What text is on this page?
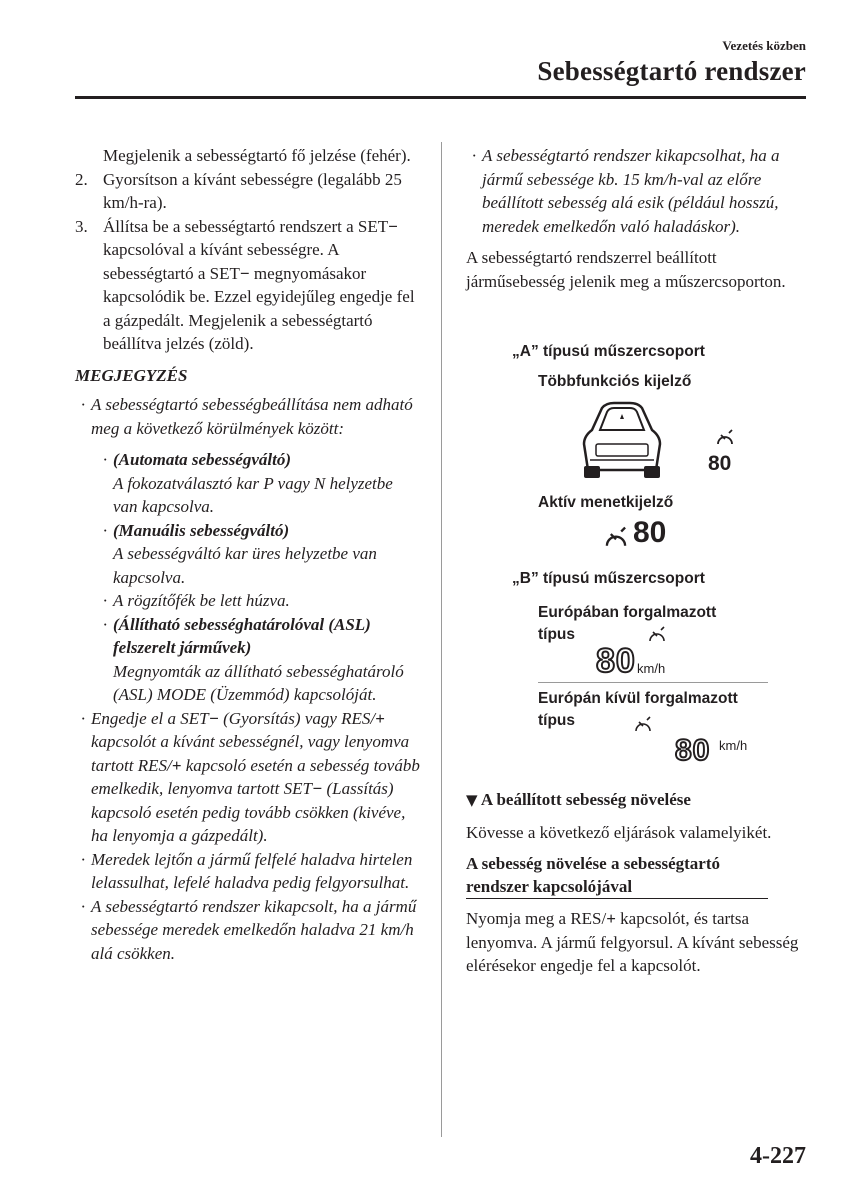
Vezetés közben
Sebességtartó rendszer

Megjelenik a sebességtartó fő jelzése (fehér).

2. Gyorsítson a kívánt sebességre (legalább 25 km/h-ra).
3. Állítsa be a sebességtartó rendszert a SET− kapcsolóval a kívánt sebességre. A sebességtartó a SET− megnyomásakor kapcsolódik be. Ezzel egyidejűleg engedje fel a gázpedált. Megjelenik a sebességtartó beállítva jelzés (zöld).

MEGJEGYZÉS

· A sebességtartó sebességbeállítása nem adható meg a következő körülmények között:
· (Automata sebességváltó)
A fokozatválasztó kar P vagy N helyzetbe van kapcsolva.
· (Manuális sebességváltó)
A sebességváltó kar üres helyzetbe van kapcsolva.
· A rögzítőfék be lett húzva.
· (Állítható sebességhatárolóval (ASL) felszerelt járművek)
Megnyomták az állítható sebességhatároló (ASL) MODE (Üzemmód) kapcsolóját.
· Engedje el a SET− (Gyorsítás) vagy RES/+ kapcsolót a kívánt sebességnél, vagy lenyomva tartott RES/+ kapcsoló esetén a sebesség tovább emelkedik, lenyomva tartott SET− (Lassítás) kapcsoló esetén pedig tovább csökken (kivéve, ha lenyomja a gázpedált).
· Meredek lejtőn a jármű felfelé haladva hirtelen lelassulhat, lefelé haladva pedig felgyorsulhat.
· A sebességtartó rendszer kikapcsolt, ha a jármű sebessége meredek emelkedőn haladva 21 km/h alá csökken.
· A sebességtartó rendszer kikapcsolhat, ha a jármű sebessége kb. 15 km/h-val az előre beállított sebesség alá esik (például hosszú, meredek emelkedőn való haladáskor).

A sebességtartó rendszerrel beállított járműsebesség jelenik meg a műszercsoporton.

„A” típusú műszercsoport
Többfunkciós kijelző
80
Aktív menetkijelző
80
„B” típusú műszercsoport
Európában forgalmazott típus
80 km/h
Európán kívül forgalmazott típus
80 km/h

▼ A beállított sebesség növelése

Kövesse a következő eljárások valamelyikét.

A sebesség növelése a sebességtartó rendszer kapcsolójával

Nyomja meg a RES/+ kapcsolót, és tartsa lenyomva. A jármű felgyorsul. A kívánt sebesség elérésekor engedje fel a kapcsolót.

4-227
